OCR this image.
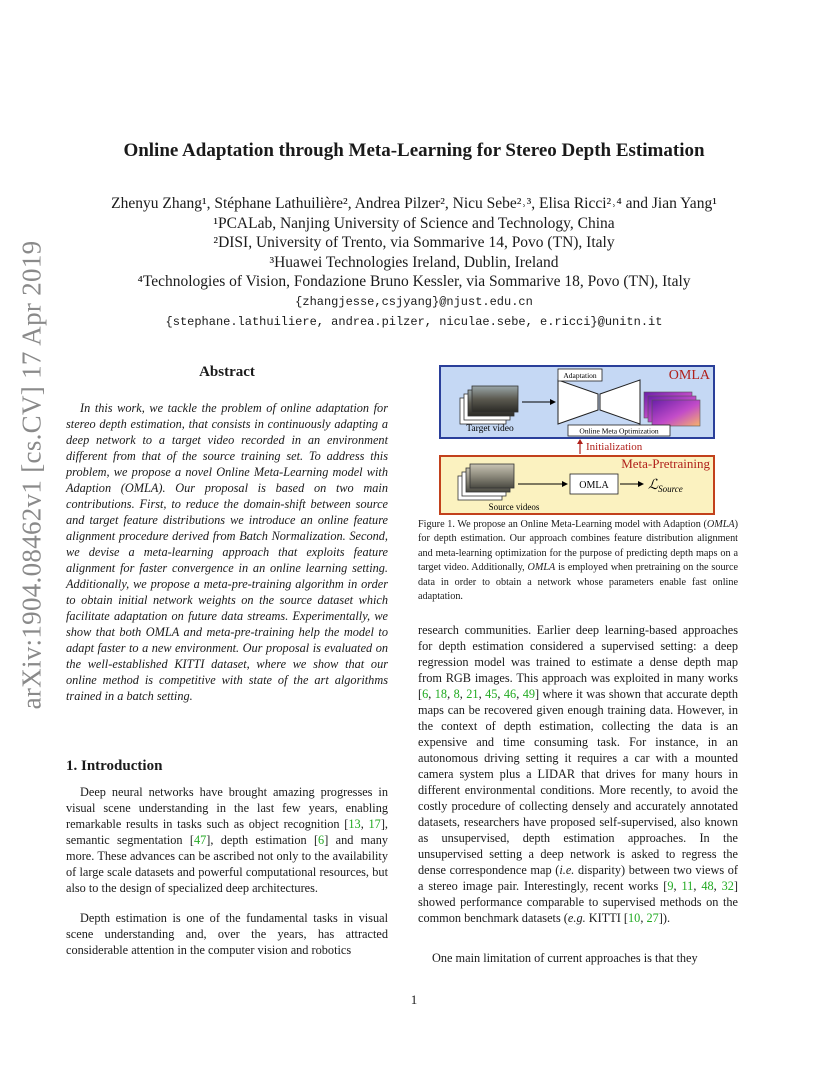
arXiv:1904.08462v1 [cs.CV] 17 Apr 2019
Online Adaptation through Meta-Learning for Stereo Depth Estimation
Zhenyu Zhang¹, Stéphane Lathuilière², Andrea Pilzer², Nicu Sebe²˒³, Elisa Ricci²˒⁴ and Jian Yang¹
¹PCALab, Nanjing University of Science and Technology, China
²DISI, University of Trento, via Sommarive 14, Povo (TN), Italy
³Huawei Technologies Ireland, Dublin, Ireland
⁴Technologies of Vision, Fondazione Bruno Kessler, via Sommarive 18, Povo (TN), Italy
{zhangjesse,csjyang}@njust.edu.cn
{stephane.lathuiliere, andrea.pilzer, niculae.sebe, e.ricci}@unitn.it
Abstract
In this work, we tackle the problem of online adaptation for stereo depth estimation, that consists in continuously adapting a deep network to a target video recorded in an environment different from that of the source training set. To address this problem, we propose a novel Online Meta-Learning model with Adaption (OMLA). Our proposal is based on two main contributions. First, to reduce the domain-shift between source and target feature distributions we introduce an online feature alignment procedure derived from Batch Normalization. Second, we devise a meta-learning approach that exploits feature alignment for faster convergence in an online learning setting. Additionally, we propose a meta-pre-training algorithm in order to obtain initial network weights on the source dataset which facilitate adaptation on future data streams. Experimentally, we show that both OMLA and meta-pre-training help the model to adapt faster to a new environment. Our proposal is evaluated on the well-established KITTI dataset, where we show that our online method is competitive with state of the art algorithms trained in a batch setting.
1. Introduction
Deep neural networks have brought amazing progresses in visual scene understanding in the last few years, enabling remarkable results in tasks such as object recognition [13, 17], semantic segmentation [47], depth estimation [6] and many more. These advances can be ascribed not only to the availability of large scale datasets and powerful computational resources, but also to the design of specialized deep architectures.
Depth estimation is one of the fundamental tasks in visual scene understanding and, over the years, has attracted considerable attention in the computer vision and robotics
OMLA
Target video
Adaptation
Online Meta Optimization
Initialization
Meta-Pretraining
Source videos
OMLA	ℒ$_{Source}$
Figure 1. We propose an Online Meta-Learning model with Adaption (OMLA) for depth estimation. Our approach combines feature distribution alignment and meta-learning optimization for the purpose of predicting depth maps on a target video. Additionally, OMLA is employed when pretraining on the source data in order to obtain a network whose parameters enable fast online adaptation.
research communities. Earlier deep learning-based approaches for depth estimation considered a supervised setting: a deep regression model was trained to estimate a dense depth map from RGB images. This approach was exploited in many works [6, 18, 8, 21, 45, 46, 49] where it was shown that accurate depth maps can be recovered given enough training data. However, in the context of depth estimation, collecting the data is an expensive and time consuming task. For instance, in an autonomous driving setting it requires a car with a mounted camera system plus a LIDAR that drives for many hours in different environmental conditions. More recently, to avoid the costly procedure of collecting densely and accurately annotated datasets, researchers have proposed self-supervised, also known as unsupervised, depth estimation approaches. In the unsupervised setting a deep network is asked to regress the dense correspondence map (i.e. disparity) between two views of a stereo image pair. Interestingly, recent works [9, 11, 48, 32] showed performance comparable to supervised methods on the common benchmark datasets (e.g. KITTI [10, 27]).
One main limitation of current approaches is that they
1
